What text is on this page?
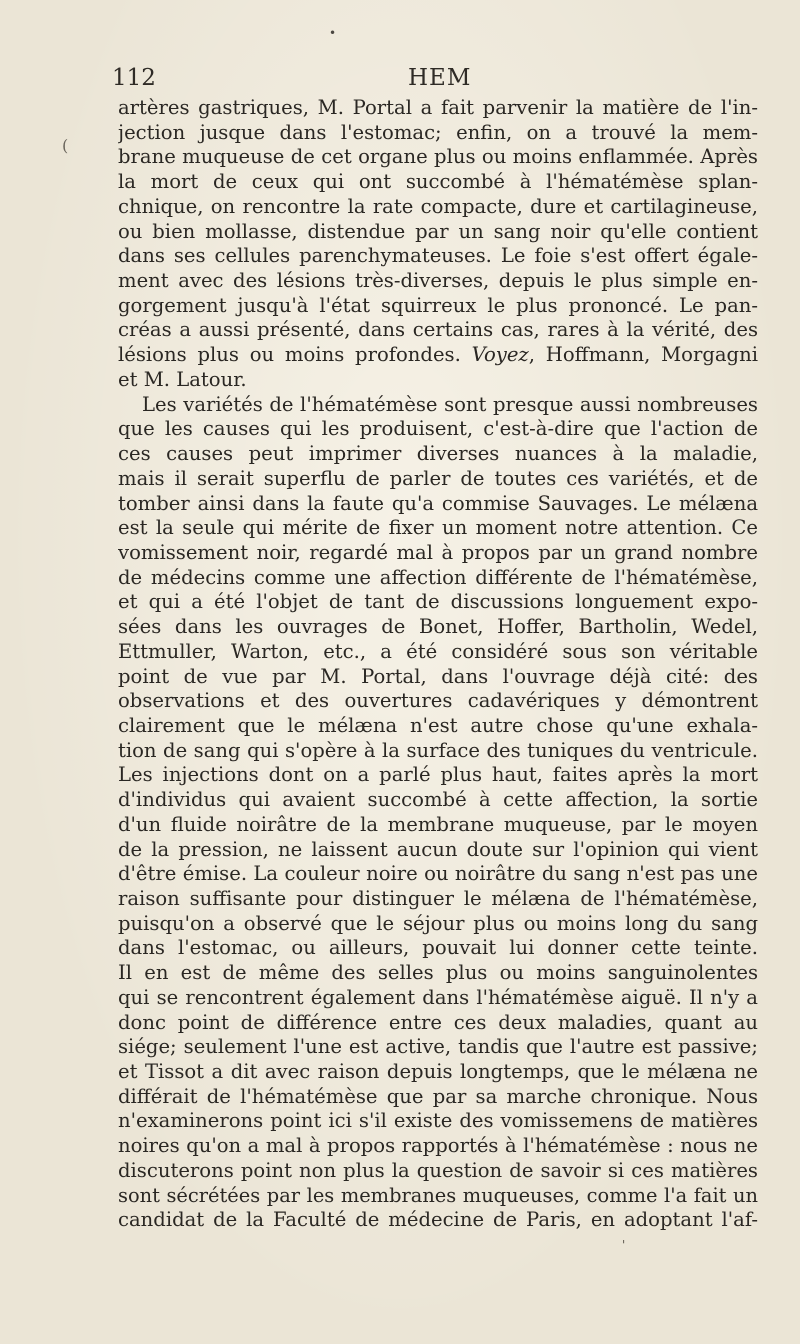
•
(
112	HEM
artères gastriques, M. Portal a fait parvenir la matière de l'in-
jection jusque dans l'estomac; enfin, on a trouvé la mem-
brane muqueuse de cet organe plus ou moins enflammée. Après
la mort de ceux qui ont succombé à l'hématémèse splan-
chnique, on rencontre la rate compacte, dure et cartilagineuse,
ou bien mollasse, distendue par un sang noir qu'elle contient
dans ses cellules parenchymateuses. Le foie s'est offert égale-
ment avec des lésions très-diverses, depuis le plus simple en-
gorgement jusqu'à l'état squirreux le plus prononcé. Le pan-
créas a aussi présenté, dans certains cas, rares à la vérité, des
lésions plus ou moins profondes. Voyez, Hoffmann, Morgagni
et M. Latour.
Les variétés de l'hématémèse sont presque aussi nombreuses
que les causes qui les produisent, c'est-à-dire que l'action de
ces causes peut imprimer diverses nuances à la maladie,
mais il serait superflu de parler de toutes ces variétés, et de
tomber ainsi dans la faute qu'a commise Sauvages. Le mélæna
est la seule qui mérite de fixer un moment notre attention. Ce
vomissement noir, regardé mal à propos par un grand nombre
de médecins comme une affection différente de l'hématémèse,
et qui a été l'objet de tant de discussions longuement expo-
sées dans les ouvrages de Bonet, Hoffer, Bartholin, Wedel,
Ettmuller, Warton, etc., a été considéré sous son véritable
point de vue par M. Portal, dans l'ouvrage déjà cité: des
observations et des ouvertures cadavériques y démontrent
clairement que le mélæna n'est autre chose qu'une exhala-
tion de sang qui s'opère à la surface des tuniques du ventricule.
Les injections dont on a parlé plus haut, faites après la mort
d'individus qui avaient succombé à cette affection, la sortie
d'un fluide noirâtre de la membrane muqueuse, par le moyen
de la pression, ne laissent aucun doute sur l'opinion qui vient
d'être émise. La couleur noire ou noirâtre du sang n'est pas une
raison suffisante pour distinguer le mélæna de l'hématémèse,
puisqu'on a observé que le séjour plus ou moins long du sang
dans l'estomac, ou ailleurs, pouvait lui donner cette teinte.
Il en est de même des selles plus ou moins sanguinolentes
qui se rencontrent également dans l'hématémèse aiguë. Il n'y a
donc point de différence entre ces deux maladies, quant au
siége; seulement l'une est active, tandis que l'autre est passive;
et Tissot a dit avec raison depuis longtemps, que le mélæna ne
différait de l'hématémèse que par sa marche chronique. Nous
n'examinerons point ici s'il existe des vomissemens de matières
noires qu'on a mal à propos rapportés à l'hématémèse : nous ne
discuterons point non plus la question de savoir si ces matières
sont sécrétées par les membranes muqueuses, comme l'a fait un
candidat de la Faculté de médecine de Paris, en adoptant l'af-
'
